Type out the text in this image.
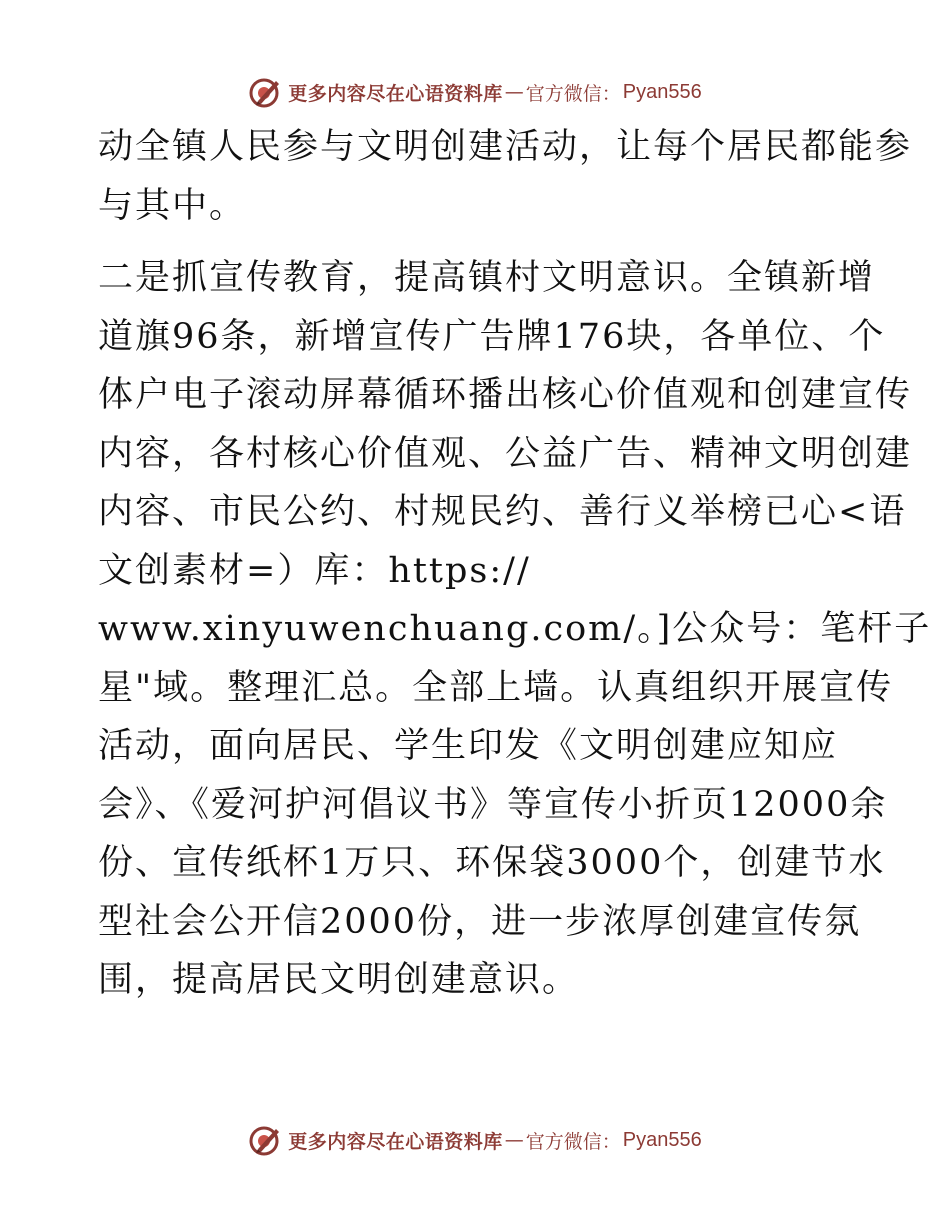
更多内容尽在心语资料库 — 官方微信： Pyan556
动全镇人民参与文明创建活动，让每个居民都能参
与其中。
二是抓宣传教育，提高镇村文明意识。全镇新增
道旗96条，新增宣传广告牌176块，各单位、个
体户电子滚动屏幕循环播出核心价值观和创建宣传
内容，各村核心价值观、公益广告、精神文明创建
内容、市民公约、村规民约、善行义举榜已心<语
文创素材=）库：https://
www.xinyuwenchuang.com/。]公众号：笔杆子
星"域。整理汇总。全部上墙。认真组织开展宣传
活动，面向居民、学生印发《文明创建应知应
会》、《爱河护河倡议书》等宣传小折页12000余
份、宣传纸杯1万只、环保袋3000个，创建节水
型社会公开信2000份，进一步浓厚创建宣传氛
围，提高居民文明创建意识。
更多内容尽在心语资料库 — 官方微信： Pyan556
